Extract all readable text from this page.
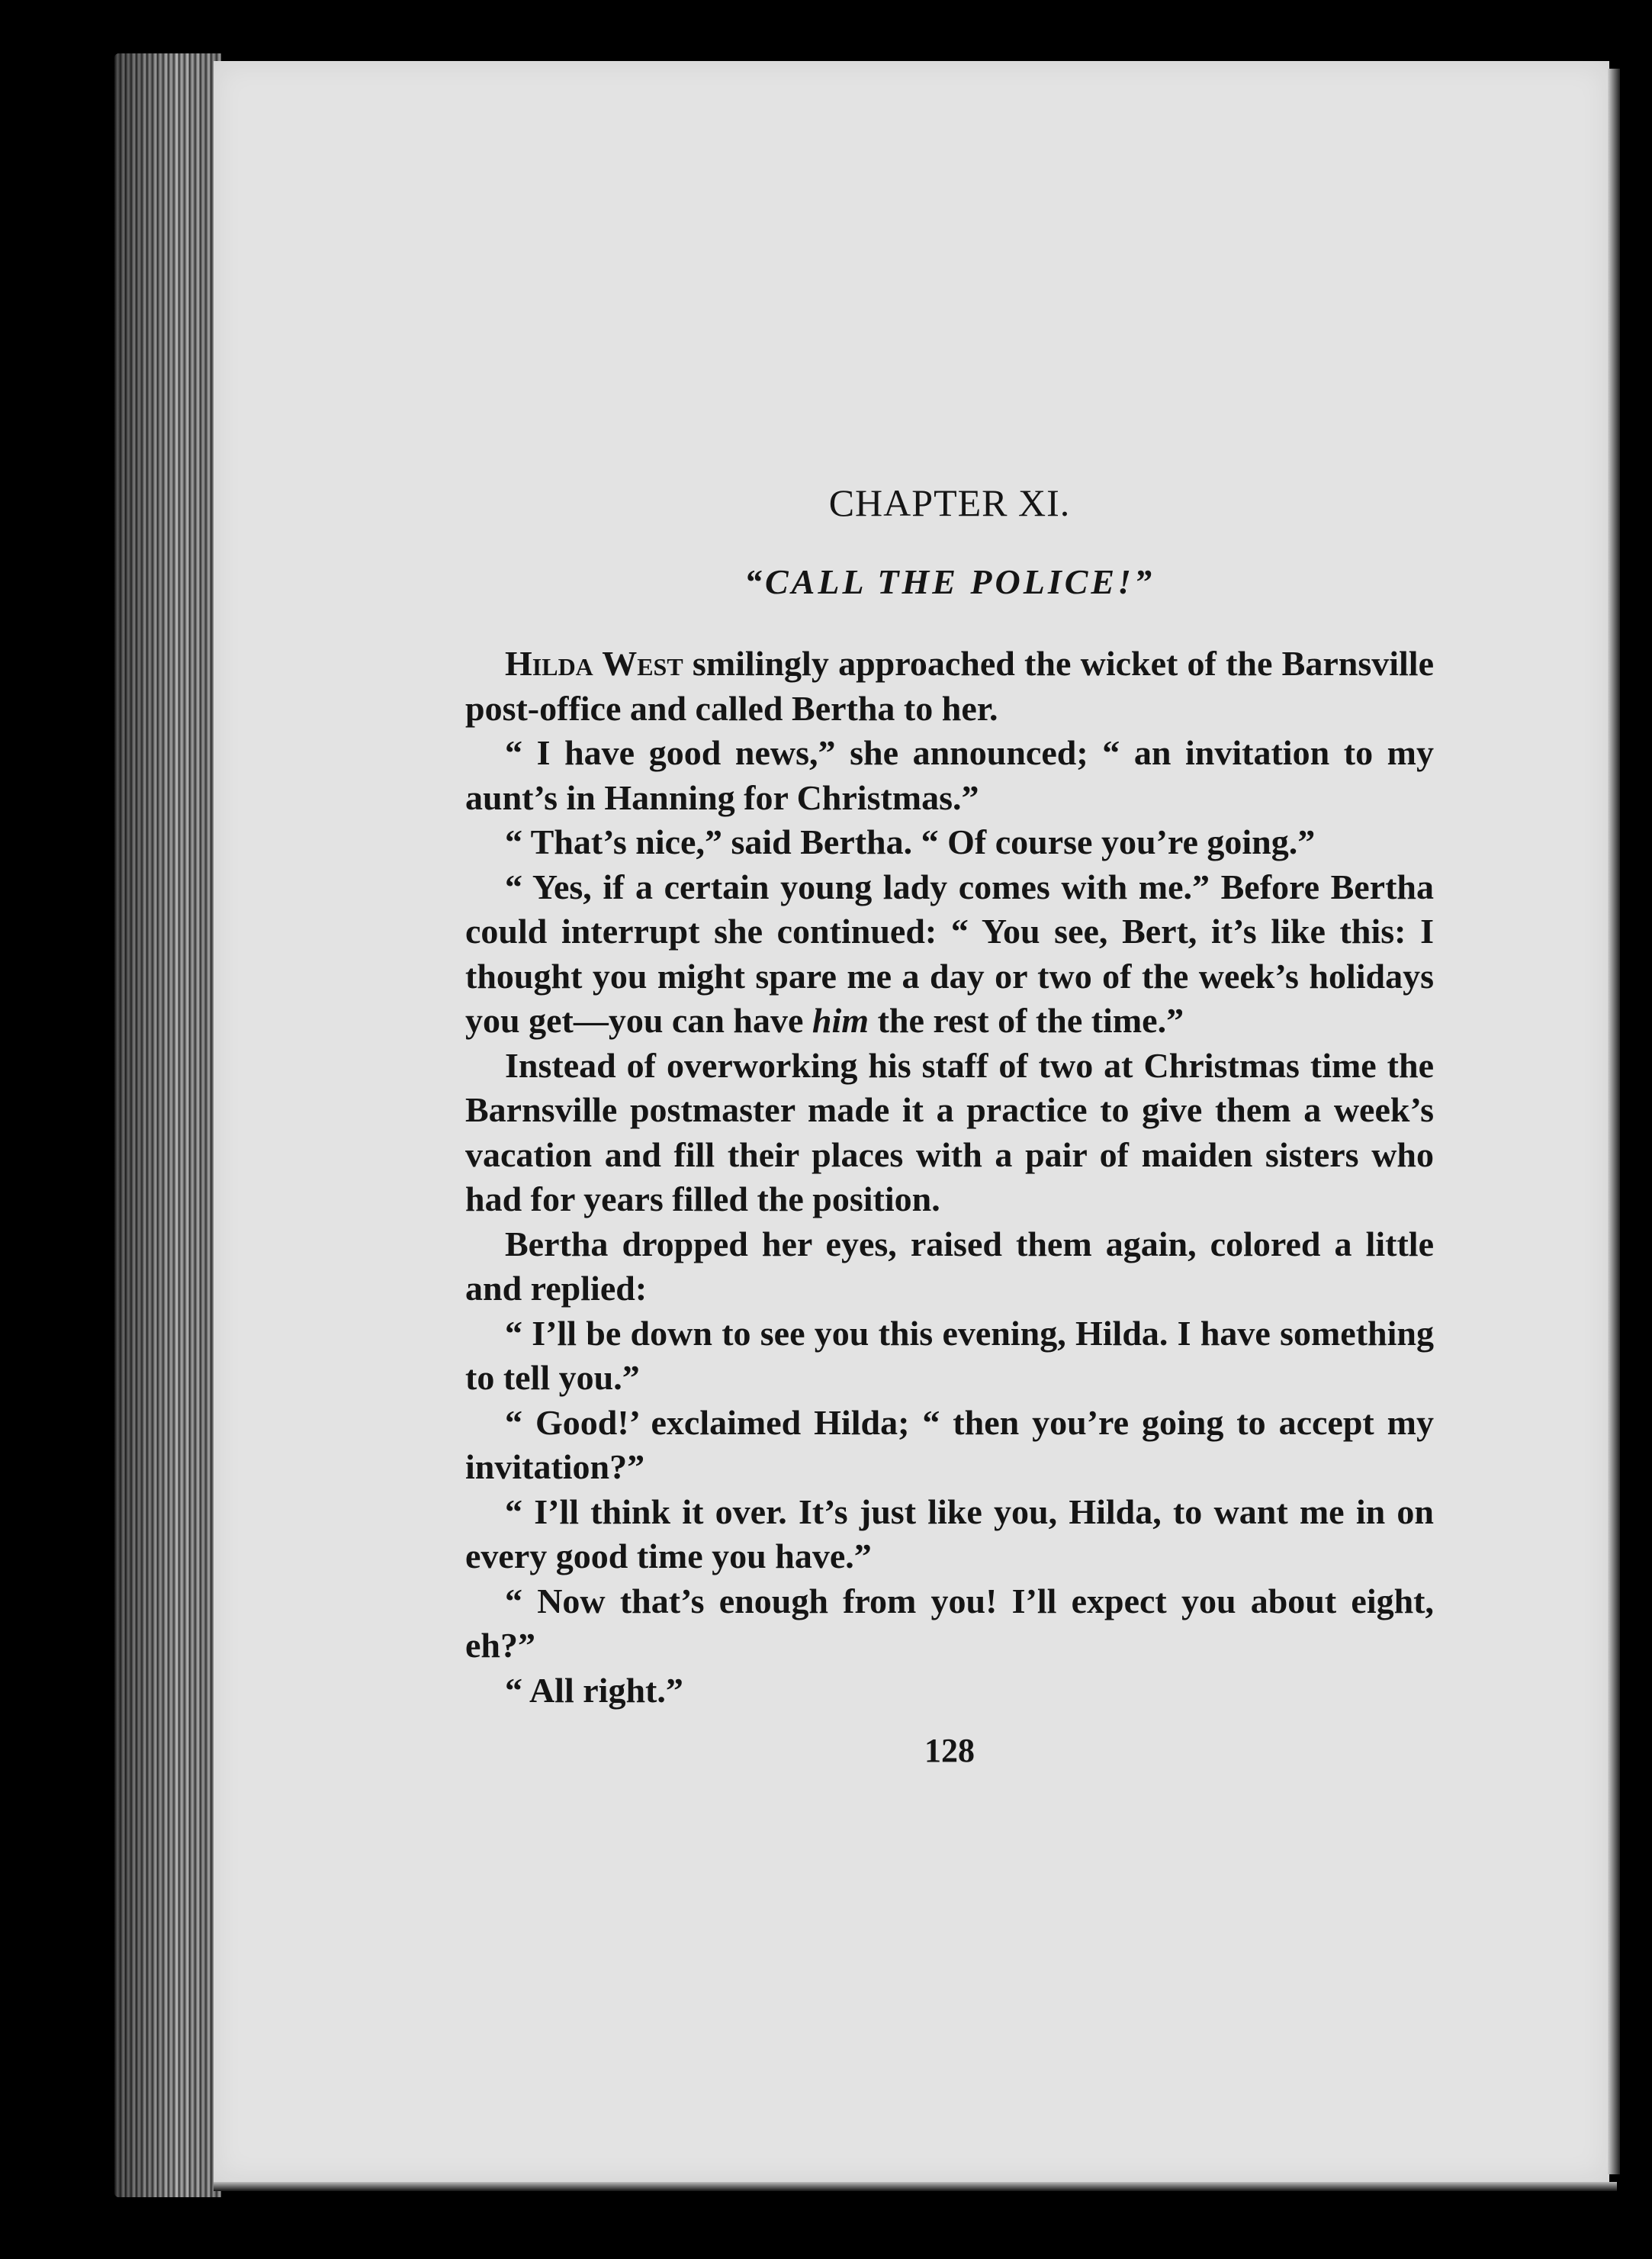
CHAPTER XI.
“CALL THE POLICE!”

Hilda West smilingly approached the wicket of the Barnsville post-office and called Bertha to her.

“ I have good news,” she announced; “ an invitation to my aunt’s in Hanning for Christmas.”

“ That’s nice,” said Bertha. “ Of course you’re going.”

“ Yes, if a certain young lady comes with me.” Before Bertha could interrupt she continued: “ You see, Bert, it’s like this: I thought you might spare me a day or two of the week’s holidays you get—you can have him the rest of the time.”

Instead of overworking his staff of two at Christmas time the Barnsville postmaster made it a practice to give them a week’s vacation and fill their places with a pair of maiden sisters who had for years filled the position.

Bertha dropped her eyes, raised them again, colored a little and replied:

“ I’ll be down to see you this evening, Hilda. I have something to tell you.”

“ Good!’ exclaimed Hilda; “ then you’re going to accept my invitation?”

“ I’ll think it over. It’s just like you, Hilda, to want me in on every good time you have.”

“ Now that’s enough from you! I’ll expect you about eight, eh?”

“ All right.”

128
